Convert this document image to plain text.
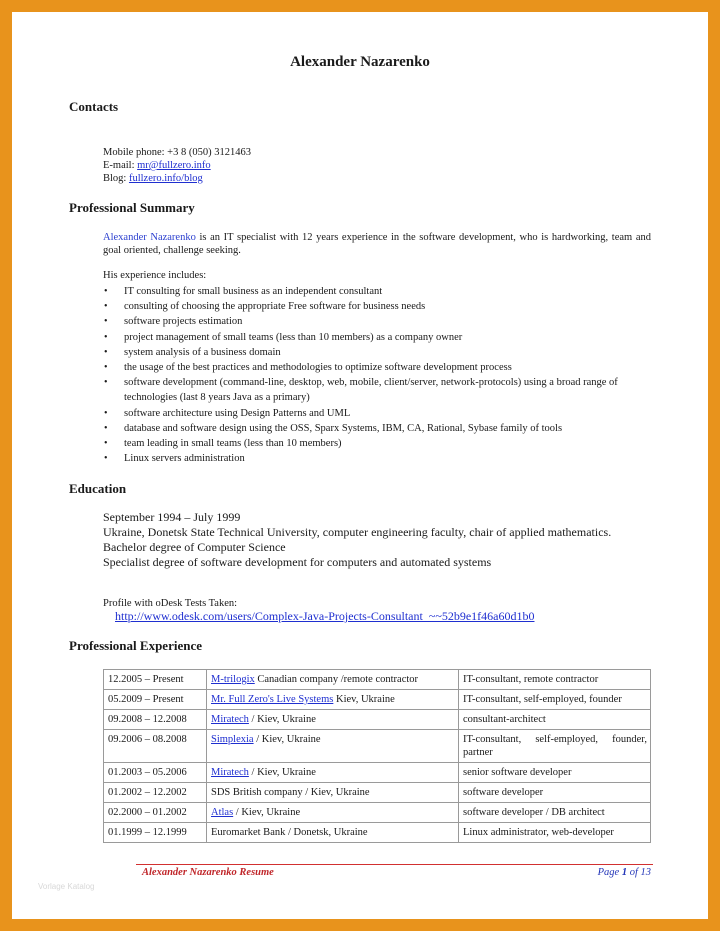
Alexander Nazarenko
Contacts
Mobile phone: +3 8 (050) 3121463
E-mail: mr@fullzero.info
Blog: fullzero.info/blog
Professional Summary
Alexander Nazarenko is an IT specialist with 12 years experience in the software development, who is hardworking, team and goal oriented, challenge seeking.
His experience includes:
• IT consulting for small business as an independent consultant
• consulting of choosing the appropriate Free software for business needs
• software projects estimation
• project management of small teams (less than 10 members) as a company owner
• system analysis of a business domain
• the usage of the best practices and methodologies to optimize software development process
• software development (command-line, desktop, web, mobile, client/server, network-protocols) using a broad range of technologies (last 8 years Java as a primary)
• software architecture using Design Patterns and UML
• database and software design using the OSS, Sparx Systems, IBM, CA, Rational, Sybase family of tools
• team leading in small teams (less than 10 members)
• Linux servers administration
Education
September 1994 – July 1999
Ukraine, Donetsk State Technical University, computer engineering faculty, chair of applied mathematics.
Bachelor degree of Computer Science
Specialist degree of software development for computers and automated systems
Profile with oDesk Tests Taken:
http://www.odesk.com/users/Complex-Java-Projects-Consultant_~~52b9e1f46a60d1b0
Professional Experience
12.2005 – Present	M-trilogix Canadian company /remote contractor	IT-consultant, remote contractor
05.2009 – Present	Mr. Full Zero's Live Systems Kiev, Ukraine	IT-consultant, self-employed, founder
09.2008 – 12.2008	Miratech / Kiev, Ukraine	consultant-architect
09.2006 – 08.2008	Simplexia / Kiev, Ukraine	IT-consultant, self-employed, founder, partner
01.2003 – 05.2006	Miratech / Kiev, Ukraine	senior software developer
01.2002 – 12.2002	SDS British company / Kiev, Ukraine	software developer
02.2000 – 01.2002	Atlas / Kiev, Ukraine	software developer / DB architect
01.1999 – 12.1999	Euromarket Bank / Donetsk, Ukraine	Linux administrator, web-developer
Alexander Nazarenko Resume	Page 1 of 13
Vorlage Katalog
